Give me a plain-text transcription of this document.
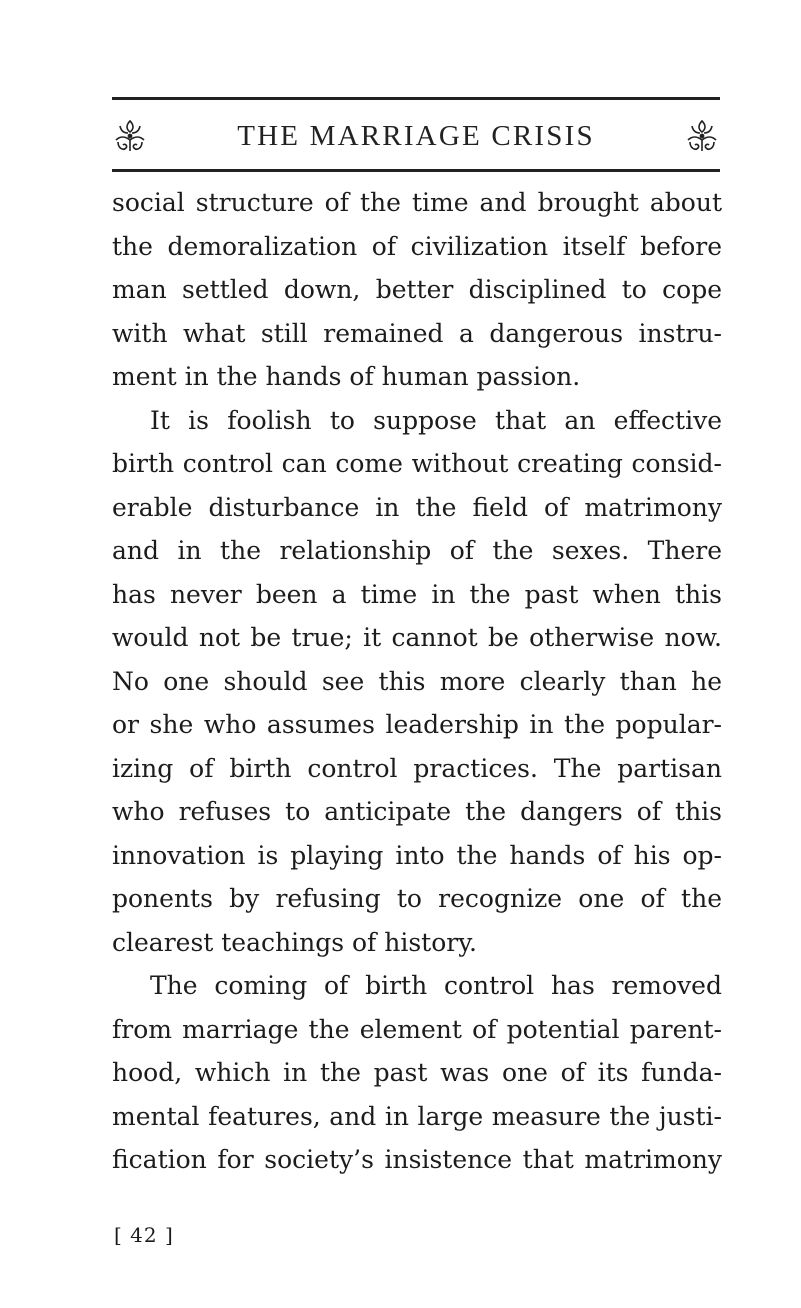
THE MARRIAGE CRISIS
social structure of the time and brought about
the demoralization of civilization itself before
man settled down, better disciplined to cope
with what still remained a dangerous instru-
ment in the hands of human passion.
It is foolish to suppose that an effective
birth control can come without creating consid-
erable disturbance in the field of matrimony
and in the relationship of the sexes. There
has never been a time in the past when this
would not be true; it cannot be otherwise now.
No one should see this more clearly than he
or she who assumes leadership in the popular-
izing of birth control practices. The partisan
who refuses to anticipate the dangers of this
innovation is playing into the hands of his op-
ponents by refusing to recognize one of the
clearest teachings of history.
The coming of birth control has removed
from marriage the element of potential parent-
hood, which in the past was one of its funda-
mental features, and in large measure the justi-
fication for society’s insistence that matrimony
[ 42 ]
